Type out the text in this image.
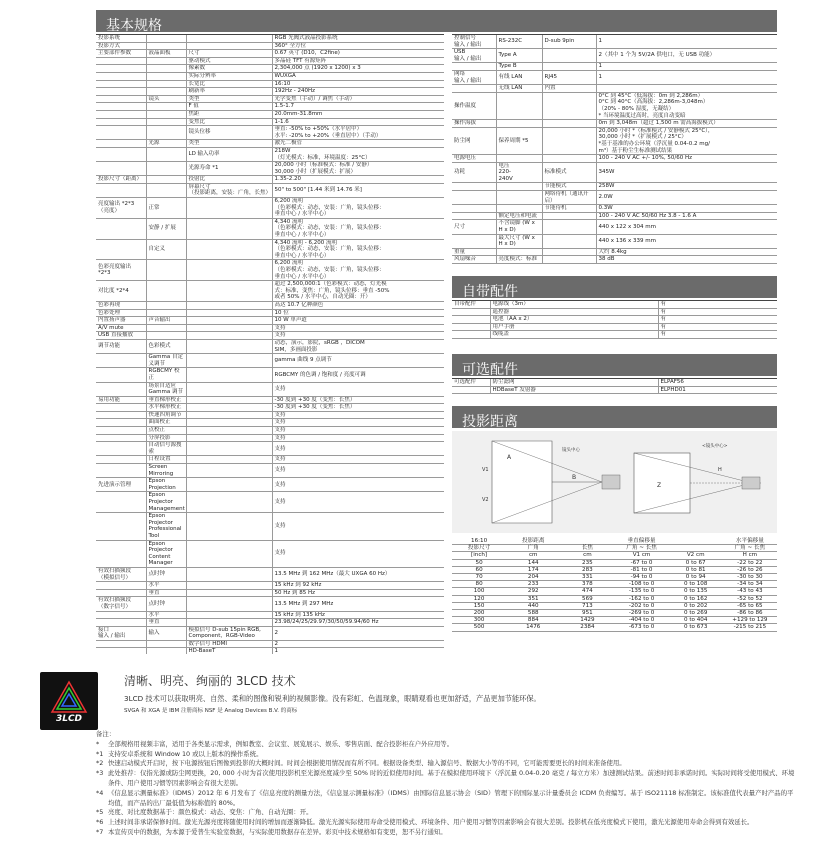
基本规格
投影系统			RGB 光阀式液晶投影系统
投影方式			360° 全方位
主要部件参数	液晶面板	尺寸	0.67 英寸 (D10，C2fine)
		驱动模式	多晶硅 TFT 有源矩阵
		像素数	2,304,000 点 (1920 x 1200) x 3
		实际分辨率	WUXGA
		长宽比	16:10
		刷新率	192Hz - 240Hz
	镜头	类型	光学变焦（手动）/ 调焦（手动）
		F 值	1.5-1.7
		焦距	20.0mm-31.8mm
		变焦比	1-1.6
		镜头位移	垂直: -50% to +50%（水平居中）
水平: -20% to +20%（垂直居中）（手动）
	光源	类型	激光二极管
		LD 输入功率	218W
（灯光模式：标准，环境温度：25°C）
		光源寿命 *1	20,000 小时（标准模式：标准 / 安静）
30,000 小时（扩展模式：扩展）
投影尺寸（距离）		投射比	1.35-2.20
		屏幕尺寸
（投影距离，安装：广角，长焦）	50" to 500" [1.44 米到 14.76 米]
亮度输出 *2*3
（亮度）	正常		6,200 流明
（色彩模式：动态，安装：广角，镜头位移：
垂直中心 / 水平中心）
	安静 / 扩展		4,340 流明
（色彩模式：动态，安装：广角，镜头位移：
垂直中心 / 水平中心）
	自定义		4,340 流明 - 6,200 流明
（色彩模式：动态，安装：广角，镜头位移：
垂直中心 / 水平中心）
色彩亮度输出 *2*3			6,200 流明
（色彩模式：动态，安装：广角，镜头位移：
垂直中心 / 水平中心）
对比度 *2*4			超过 2,500,000:1（色彩模式：动态，灯光模
式：标准，变焦：广角，镜头位移：垂直 -50%
或者 50% / 水平中心，自动光圈：开）
色彩再现			高达 10.7 亿种颜色
色彩处理			10 位
内置扬声器	声音输出		10 W 单声道
A/V mute			支持
USB 直接播放			支持
调节功能	色彩模式		动态，演示，影院，sRGB ，DICOM
SIM，多画面投影
	Gamma 自定义调节		gamma 曲线 9 点调节
	RGBCMY 校正		RGBCMY 的色调 / 饱和度 / 亮度可调
	场景自适应 Gamma 调节		支持
易用功能	垂直梯形校正		-30 度到 +30 度（变焦：长焦）
	水平梯形校正		-30 度到 +30 度（变焦：长焦）
	快速四角调节		支持
	曲面校正		支持
	点校正		支持
	分屏投影		支持
	自动信号源搜索		支持
	日程设置		支持
	Screen Mirroring		支持
先进演示管理	Epson Projection		支持
	Epson Projector Management		支持
	Epson Projector Professional Tool		支持
	Epson Projector Content Manager		支持
有效扫描频段
（模拟信号）	点时钟		13.5 MHz 到 162 MHz（最大 UXGA 60 Hz）
	水平		15 kHz 到 92 kHz
	垂直		50 Hz 到 85 Hz
有效扫描频段
（数字信号）	点时钟		13.5 MHz 到 297 MHz
	水平		15 kHz 到 135 kHz
	垂直		23.98/24/25/29.97/30/50/59.94/60 Hz
接口
输入 / 输出	输入	模拟信号 D-sub 15pin RGB, Component，RGB-Video	2
		数字信号 HDMI	2
		HD-BaseT	1

控制信号
输入 / 输出	RS-232C	D-sub 9pin	1
USB
输入 / 输出	Type A		2（其中 1 个为 5V/2A 供电口，无 USB 功能）
	Type B		1
网络
输入 / 输出	有线 LAN	RJ45	1
	无线 LAN	内置	
操作温度			0°C 到 45°C（低海拔：0m 到 2,286m）
0°C 到 40°C（高海拔：2,286m-3,048m）
（20% - 80% 湿度，无凝结）
* 当环境温度过高时，亮度自动变暗
操作海拔			0m 到 3,048m（超过 1,500 m 需高海拔模式）
防尘网	保养周期 *5		20,000 小时 *（标准模式 / 安静模式 25°C），
30,000 小时 *（扩展模式 / 25°C）
*基于基准的办公环境（浮沉量 0.04-0.2 mg/
m³）基于粉尘生标准测试结果
电源电压			100 - 240 V AC +/- 10%, 50/60 Hz
功耗	电压
220-
240V	标准模式	345W
		节能模式	258W
		网络待机（通讯开启）	2.0W
		节能待机	0.3W
	额定电压和电流		100 - 240 V AC 50/60 Hz 3.8 - 1.6 A
尺寸	不含镜脚 (W x H x D)		440 x 122 x 304 mm
	最大尺寸 (W x H x D)		440 x 136 x 339 mm
重量			大约 8.4kg
风扇噪音	亮度模式：标准		38 dB

自带配件
自带配件	电源线（3m）	有
	遥控器	有
	电池（AA x 2）	有
	用户手册	有
	线缆盖	有
可选配件
可选配件	防尘滤网	ELPAF56
	HDBaseT 发射器	ELPHD01
投影距离
A
B
V1
V2
镜头中心
H
<镜头中心>
Z
16:10	投影距离		垂直偏移量		水平偏移量
投影尺寸	广角	长焦	广角 ~ 长焦		广角 ~ 长焦
[inch]	cm	cm	V1 cm	V2 cm	H cm
50	144	235	-67 to 0	0 to 67	-22 to 22
60	174	283	-81 to 0	0 to 81	-26 to 26
70	204	331	-94 to 0	0 to 94	-30 to 30
80	233	378	-108 to 0	0 to 108	-34 to 34
100	292	474	-135 to 0	0 to 135	-43 to 43
120	351	569	-162 to 0	0 to 162	-52 to 52
150	440	713	-202 to 0	0 to 202	-65 to 65
200	588	951	-269 to 0	0 to 269	-86 to 86
300	884	1429	-404 to 0	0 to 404	+129 to 129
500	1476	2384	-673 to 0	0 to 673	-215 to 215
3LCD
清晰、明亮、绚丽的 3LCD 技术
3LCD 技术可以获取明亮、自然、柔和的图像和锐利的视频影像。没有彩虹、色温现象，眼睛观看也更加舒适，产品更加节能环保。
SVGA 和 XGA 是 IBM 注册商标 NSF 是 Analog Devices B.V. 的商标
备注：
*	全部规格用视频丰富，适用于各类显示需求，例如教室、会议室、展览展示、娱乐、零售店面、配合投影柜在户外应用等。
*1 支持安卓系统和 Window 10 或以上版本的操作系统。
*2 快速启动模式开启时，按下电源按钮后图像到投影的大概时间。时间会根据使用情况而有所不同。根据设备类型、输入源信号、数据大小等的不同，它可能需要更长的时间来准备使用。
*3 此处推荐：仅指光源或防尘网更换，20, 000 小时为首次使用投影机至光源亮度减少至 50% 时的近似使用时间。基于在模拟使用环境下（浮沉量 0.04-0.20 毫克 / 每立方米）加速测试结果。前述时间非承诺时间。实际时间将受使用模式、环境条件、用户使用习惯等因素影响会有很大差别。
*4 《信息显示测量标准》（IDMS）2012 年 6 月发布了《信息亮度的测量方法，《信息显示测量标准》（IDMS）由国际信息显示协会（SID）管理下的国际显示计量委员会 ICDM 负责编写。基于 ISO21118 标准制定。该标准值代表量产时产品的平均值，而产品的出厂最低值为标称值的 80%。
*5 亮度、对比度数据基于：颜色模式：动态、变焦：广角、自动光圈：开。
*6 上述时间非承诺保修时间。激光光源亮度将随使用时间的增加而逐渐降低。激光光源实际使用寿命受使用模式、环境条件、用户使用习惯等因素影响会有很大差别。投影机在低亮度模式下使用，激光光源使用寿命会得到有效延长。
*7 本宣传页中的数据，为本源于爱普生实验室数据，与实际使用数据存在差异。彩页中技术规格如有变更，恕不另行通知。
